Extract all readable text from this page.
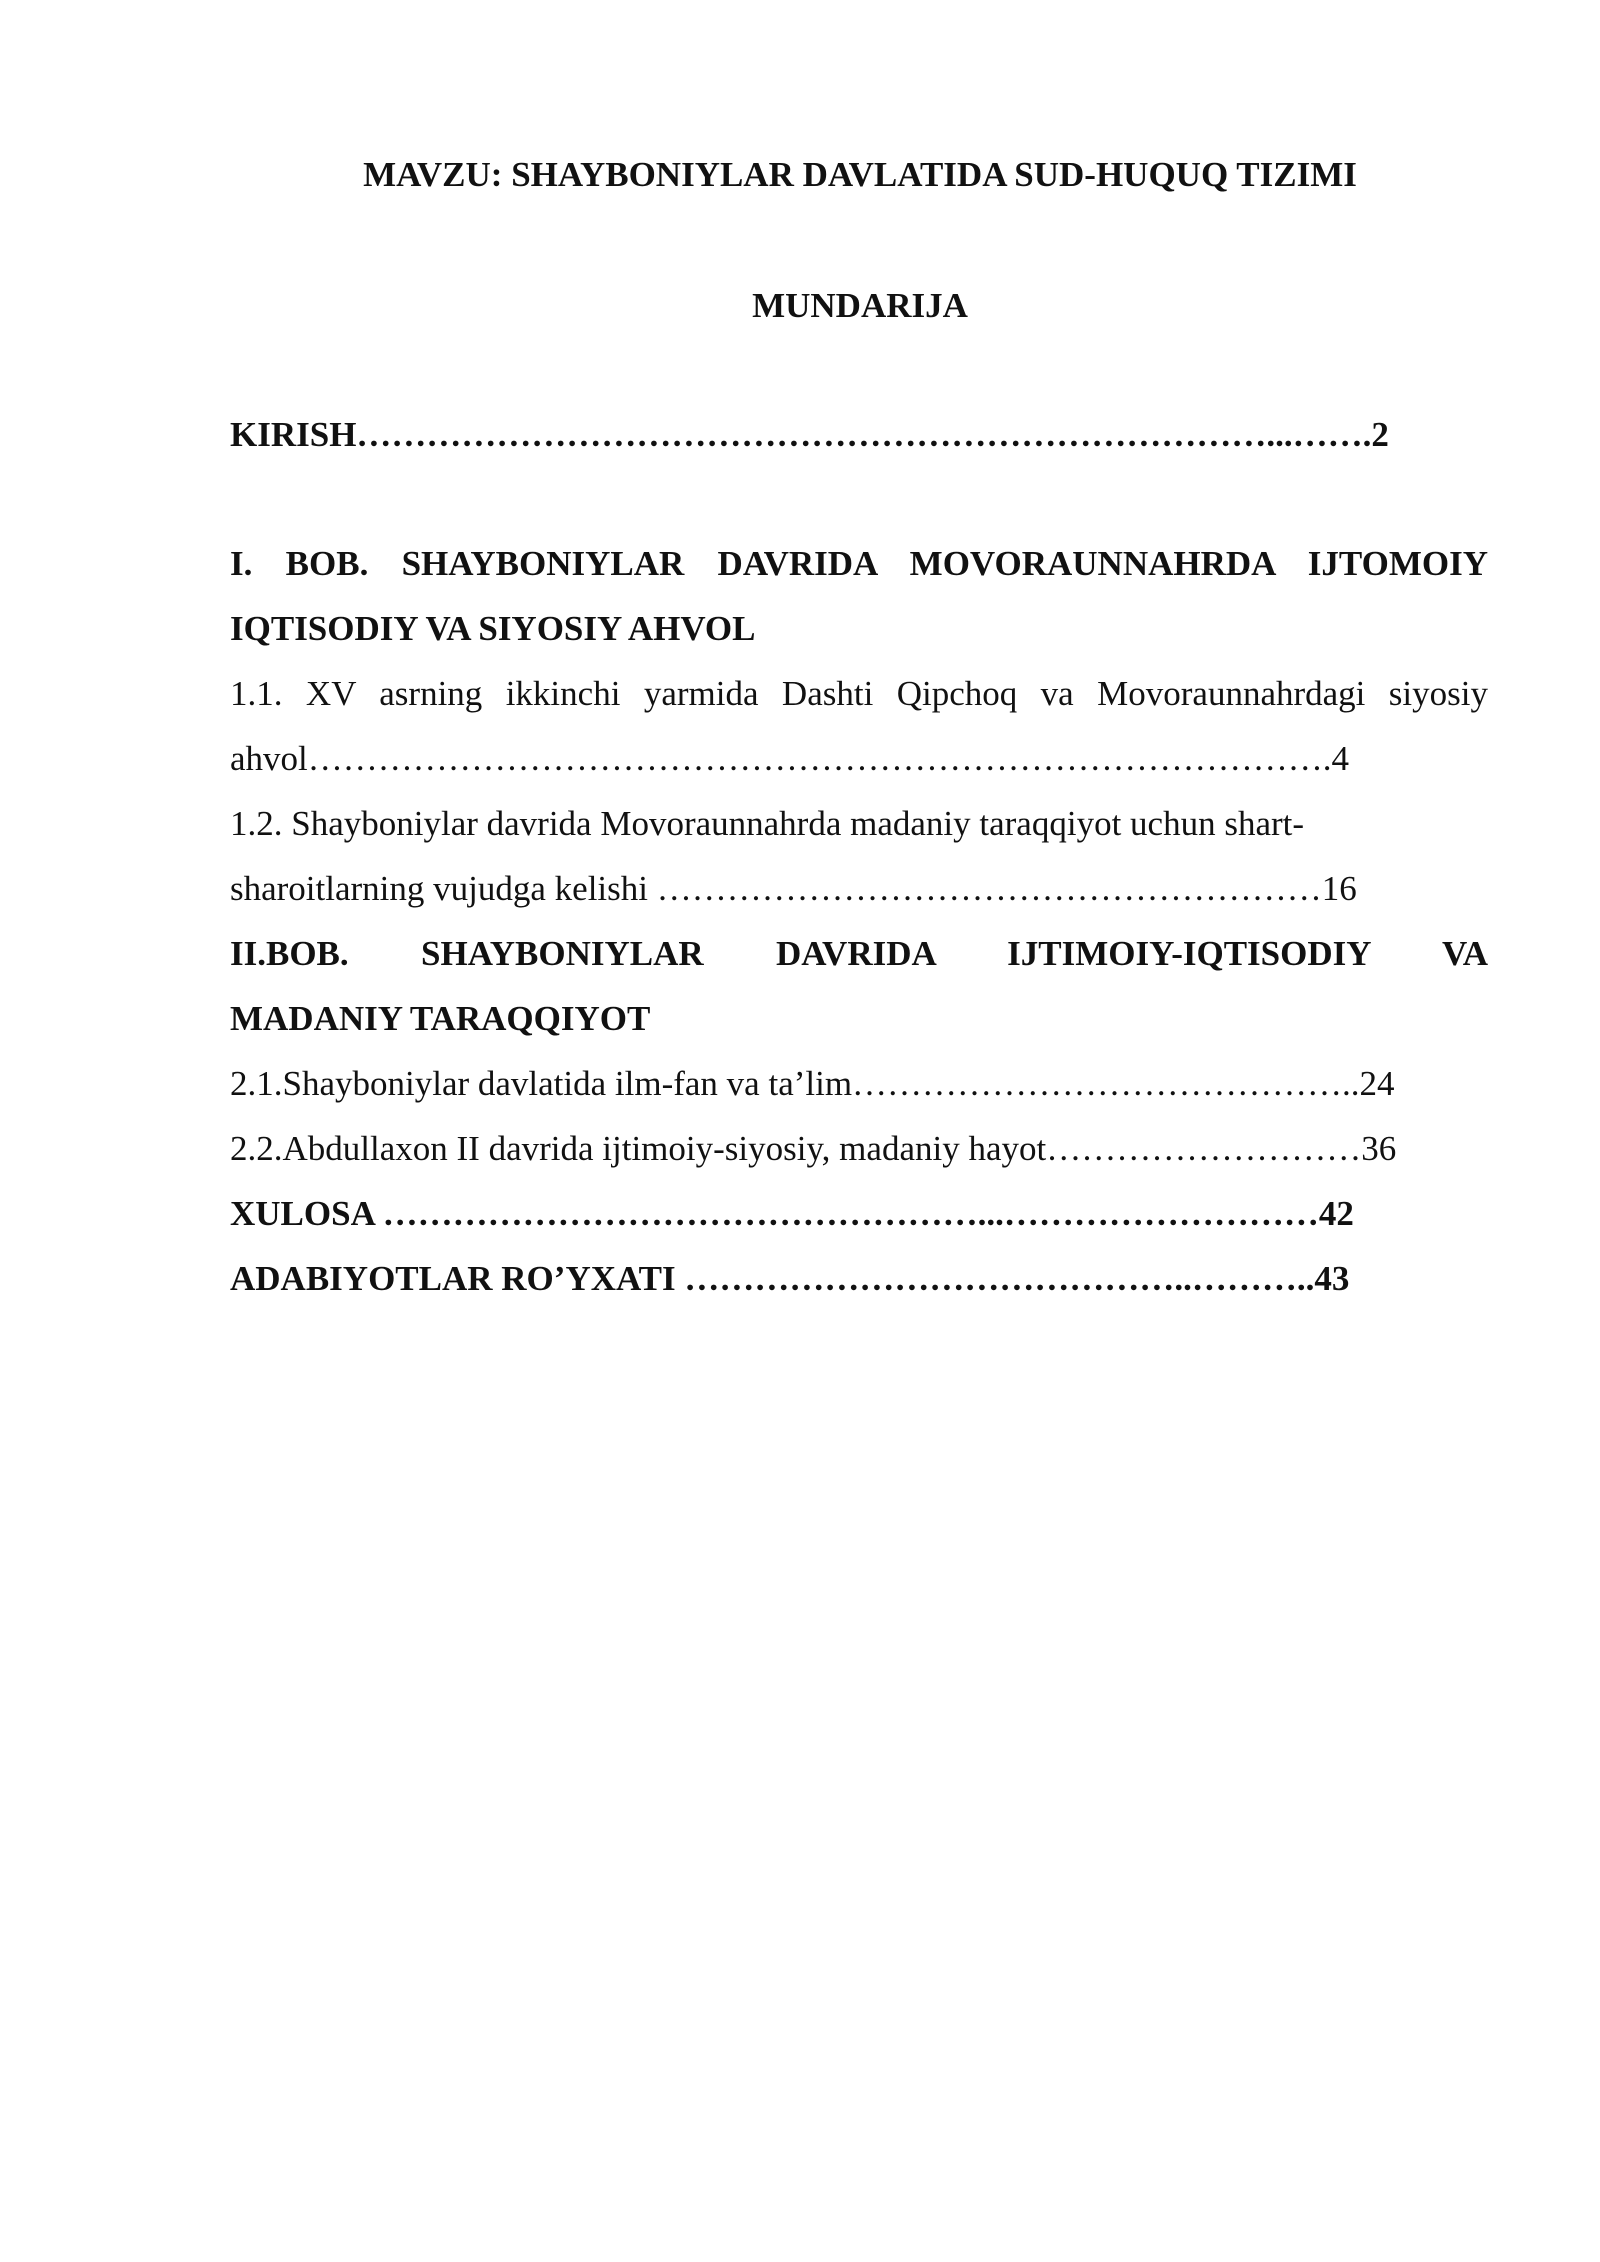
MAVZU: SHAYBONIYLAR DAVLATIDA SUD-HUQUQ TIZIMI
MUNDARIJA
KIRISH……………………………………………………………………...…….2
I. BOB. SHAYBONIYLAR DAVRIDA MOVORAUNNAHRDA IJTOMOIY
IQTISODIY VA SIYOSIY AHVOL
1.1. XV asrning ikkinchi yarmida Dashti Qipchoq va Movoraunnahrdagi siyosiy
ahvol…………………………………………………………………………….4
1.2. Shayboniylar davrida Movoraunnahrda madaniy taraqqiyot uchun shart-
sharoitlarning vujudga kelishi …………………………………………………16
II.BOB. SHAYBONIYLAR DAVRIDA IJTIMOIY-IQTISODIY VA
MADANIY TARAQQIYOT
2.1.Shayboniylar davlatida ilm-fan va ta’lim……………………………………..24
2.2.Abdullaxon II davrida ijtimoiy-siyosiy, madaniy hayot………………………36
XULOSA ……………………………………………...………………………42
ADABIYOTLAR RO’YXATI ……………………………………..………..43
